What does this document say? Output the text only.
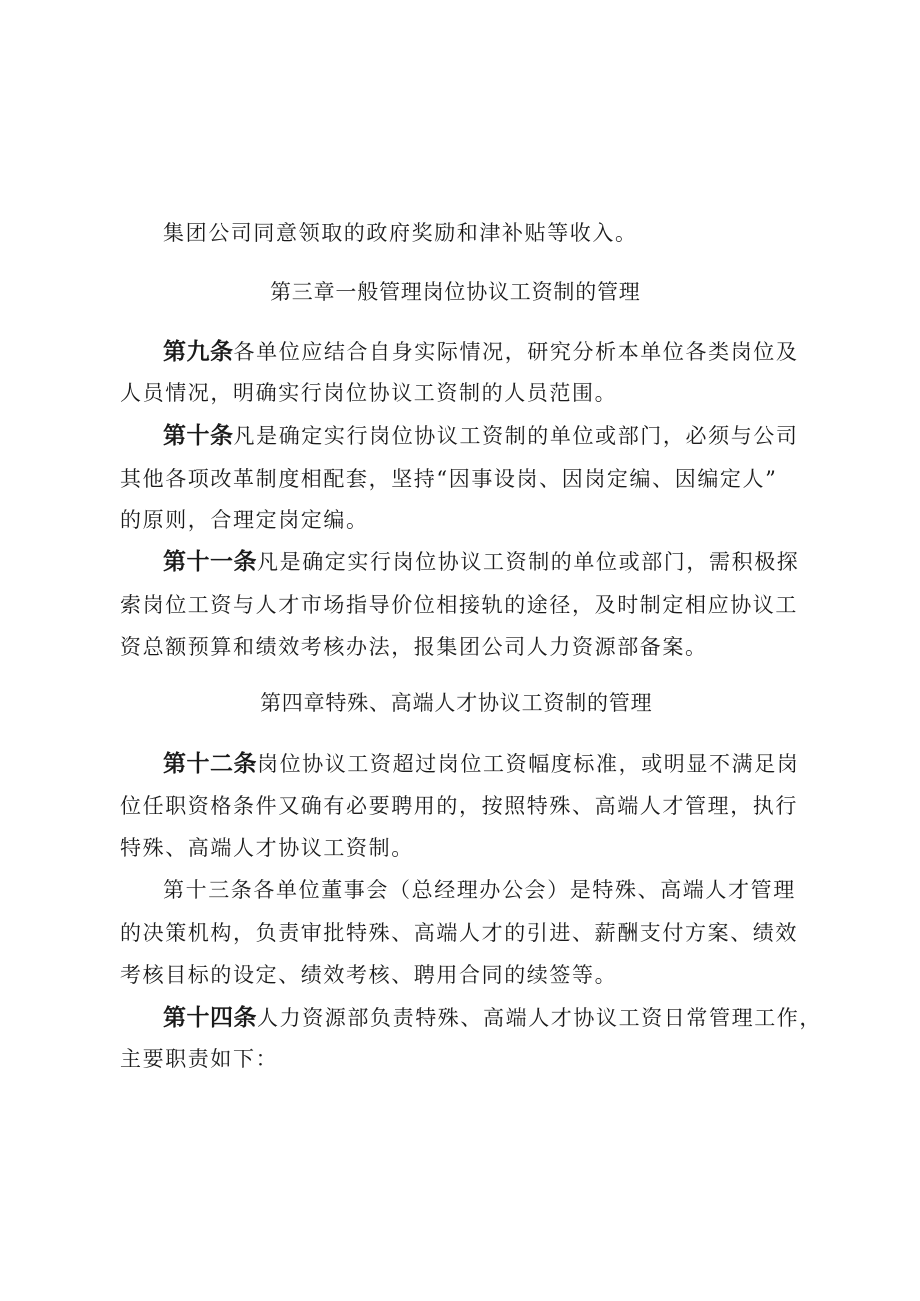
集团公司同意领取的政府奖励和津补贴等收入。
第三章一般管理岗位协议工资制的管理
第九条各单位应结合自身实际情况，研究分析本单位各类岗位及
人员情况，明确实行岗位协议工资制的人员范围。
第十条凡是确定实行岗位协议工资制的单位或部门，必须与公司
其他各项改革制度相配套，坚持“因事设岗、因岗定编、因编定人”
的原则，合理定岗定编。
第十一条凡是确定实行岗位协议工资制的单位或部门，需积极探
索岗位工资与人才市场指导价位相接轨的途径，及时制定相应协议工
资总额预算和绩效考核办法，报集团公司人力资源部备案。
第四章特殊、高端人才协议工资制的管理
第十二条岗位协议工资超过岗位工资幅度标准，或明显不满足岗
位任职资格条件又确有必要聘用的，按照特殊、高端人才管理，执行
特殊、高端人才协议工资制。
第十三条各单位董事会（总经理办公会）是特殊、高端人才管理
的决策机构，负责审批特殊、高端人才的引进、薪酬支付方案、绩效
考核目标的设定、绩效考核、聘用合同的续签等。
第十四条人力资源部负责特殊、高端人才协议工资日常管理工作，
主要职责如下：
